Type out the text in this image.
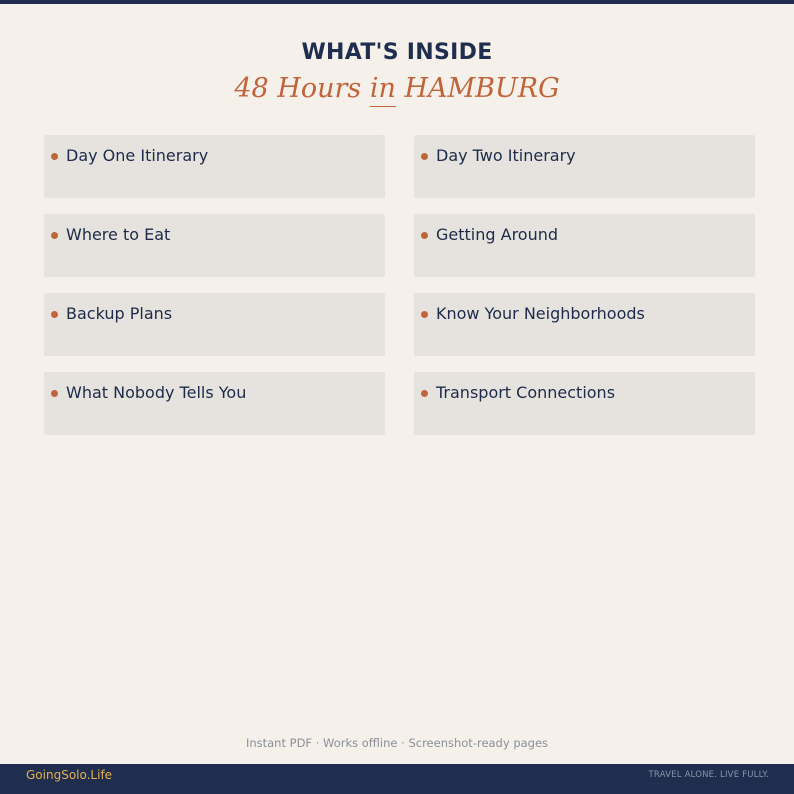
WHAT'S INSIDE
48 Hours in HAMBURG
Day One Itinerary	Day Two Itinerary
Where to Eat	Getting Around
Backup Plans	Know Your Neighborhoods
What Nobody Tells You	Transport Connections
Instant PDF · Works offline · Screenshot-ready pages
GoingSolo.Life	TRAVEL ALONE. LIVE FULLY.
